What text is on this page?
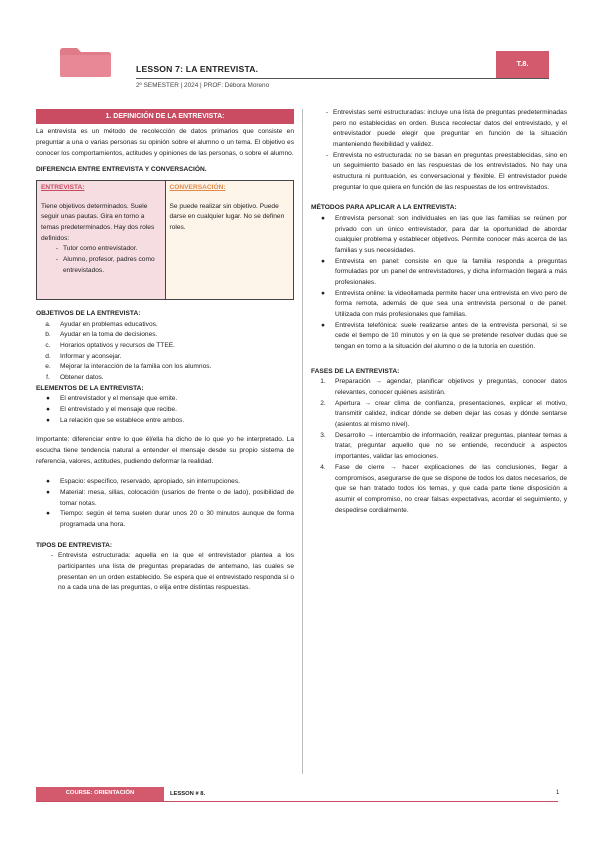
LESSON 7: LA ENTREVISTA.
T.8.
2º SEMESTER | 2024 | PROF: Débora Moreno
1. DEFINICIÓN DE LA ENTREVISTA:

La entrevista es un método de recolección de datos primarios que consiste en preguntar a una o varias personas su opinión sobre el alumno o un tema. El objetivo es conocer los comportamientos, actitudes y opiniones de las personas, o sobre el alumno.

DIFERENCIA ENTRE ENTREVISTA Y CONVERSACIÓN.
ENTREVISTA:
Tiene objetivos determinados. Suele seguir unas pautas. Gira en torno a temas predeterminados. Hay dos roles definidos:
- Tutor como entrevistador.
- Alumno, profesor, padres como entrevistados.
CONVERSACIÓN:
Se puede realizar sin objetivo. Puede darse en cualquier lugar. No se definen roles.
OBJETIVOS DE LA ENTREVISTA:
a.	Ayudar en problemas educativos.
b.	Ayudar en la toma de decisiones.
c.	Horarios optativos y recursos de TTEE.
d.	Informar y aconsejar.
e.	Mejorar la interacción de la familia con los alumnos.
f.	Obtener datos.
ELEMENTOS DE LA ENTREVISTA:
●	El entrevistador y el mensaje que emite.
●	El entrevistado y el mensaje que recibe.
●	La relación que se establece entre ambos.

Importante: diferenciar entre lo que él/ella ha dicho de lo que yo he interpretado. La escucha tiene tendencia natural a entender el mensaje desde su propio sistema de referencia, valores, actitudes, pudiendo deformar la realidad.

●	Espacio: específico, reservado, apropiado, sin interrupciones.
●	Material: mesa, sillas, colocación (usarios de frente o de lado), posibilidad de tomar notas.
●	Tiempo: según el tema suelen durar unos 20 o 30 minutos aunque de forma programada una hora.
TIPOS DE ENTREVISTA:
- Entrevista estructurada: aquella en la que el entrevistador plantea a los participantes una lista de preguntas preparadas de antemano, las cuales se presentan en un orden establecido. Se espera que el entrevistado responda sí o no a cada una de las preguntas, o elija entre distintas respuestas.
- Entrevistas semi estructuradas: incluye una lista de preguntas predeterminadas pero no establecidas en orden. Busca recolectar datos del entrevistado, y el entrevistador puede elegir que preguntar en función de la situación manteniendo flexibilidad y validez.
- Entrevista no estructurada: no se basan en preguntas preestablecidas, sino en un seguimiento basado en las respuestas de los entrevistados. No hay una estructura ni puntuación, es conversacional y flexible. El entrevistador puede preguntar lo que quiera en función de las respuestas de los entrevistados.
MÉTODOS PARA APLICAR A LA ENTREVISTA:
●	Entrevista personal: son individuales en las que las familias se reúnen por privado con un único entrevistador, para dar la oportunidad de abordar cualquier problema y establecer objetivos. Permite conocer más acerca de las familias y sus necesidades.
●	Entrevista en panel: consiste en que la familia responda a preguntas formuladas por un panel de entrevistadores, y dicha información llegará a más profesionales.
●	Entrevista online: la videollamada permite hacer una entrevista en vivo pero de forma remota, además de que sea una entrevista personal o de panel. Utilizada con más profesionales que familias.
●	Entrevista telefónica: suele realizarse antes de la entrevista personal, si se cede el tiempo de 10 minutos y en la que se pretende resolver dudas que se tengan en torno a la situación del alumno o de la tutoría en cuestión.
FASES DE LA ENTREVISTA:
1.	Preparación → agendar, planificar objetivos y preguntas, conocer datos relevantes, conocer quiénes asistirán.
2.	Apertura → crear clima de confianza, presentaciones, explicar el motivo, transmitir calidez, indicar dónde se deben dejar las cosas y dónde sentarse (asientos al mismo nivel).
3.	Desarrollo → intercambio de información, realizar preguntas, plantear temas a tratar, preguntar aquello que no se entiende, reconducir a aspectos importantes, validar las emociones.
4.	Fase de cierre → hacer explicaciones de las conclusiones, llegar a compromisos, asegurarse de que se dispone de todos los datos necesarios, de que se han tratado todos los temas, y que cada parte tiene disposición a asumir el compromiso, no crear falsas expectativas, acordar el seguimiento, y despedirse cordialmente.
COURSE: ORIENTACIÓN	LESSON # 8.	1
